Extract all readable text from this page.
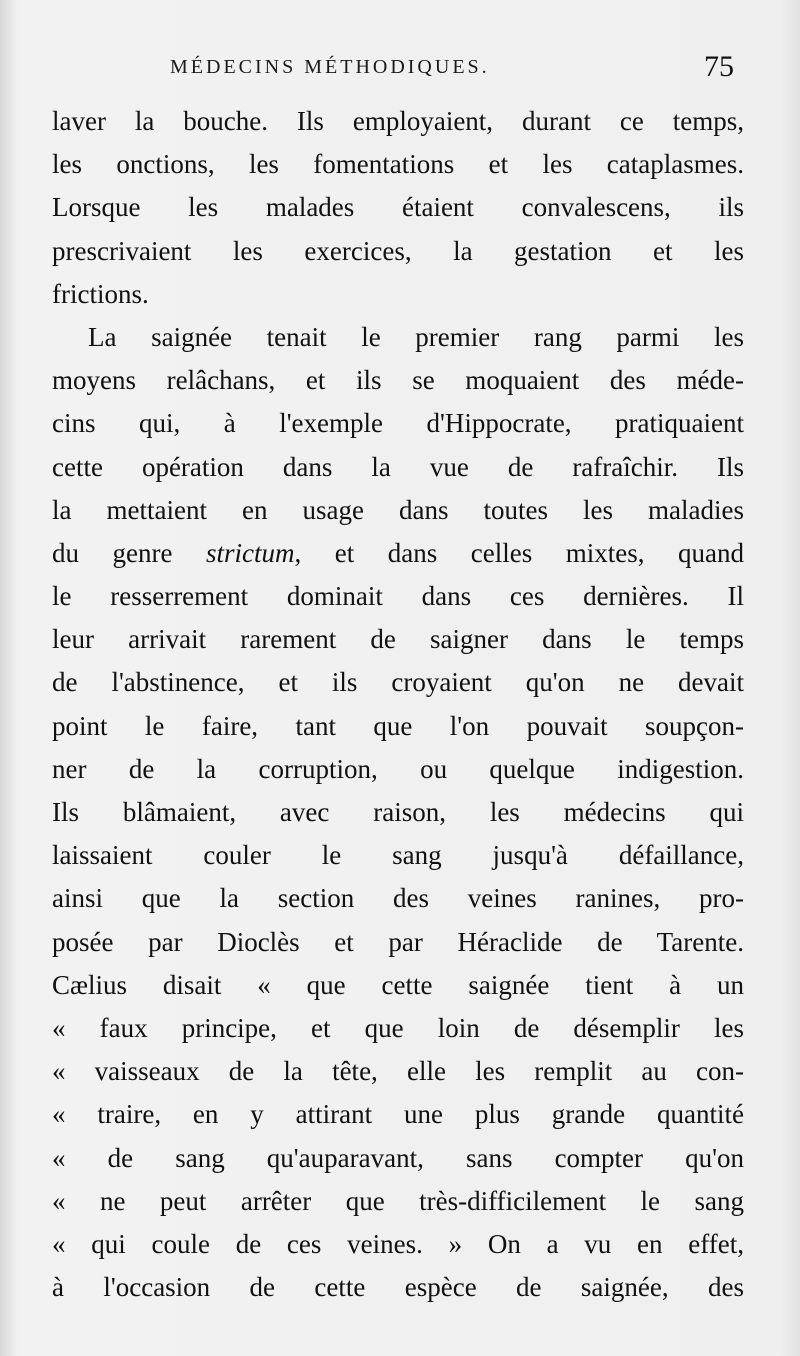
MÉDECINS MÉTHODIQUES.	75
laver la bouche. Ils employaient, durant ce temps,
les onctions, les fomentations et les cataplasmes.
Lorsque les malades étaient convalescens, ils
prescrivaient les exercices, la gestation et les
frictions.
La saignée tenait le premier rang parmi les
moyens relâchans, et ils se moquaient des méde-
cins qui, à l'exemple d'Hippocrate, pratiquaient
cette opération dans la vue de rafraîchir. Ils
la mettaient en usage dans toutes les maladies
du genre strictum, et dans celles mixtes, quand
le resserrement dominait dans ces dernières. Il
leur arrivait rarement de saigner dans le temps
de l'abstinence, et ils croyaient qu'on ne devait
point le faire, tant que l'on pouvait soupçon-
ner de la corruption, ou quelque indigestion.
Ils blâmaient, avec raison, les médecins qui
laissaient couler le sang jusqu'à défaillance,
ainsi que la section des veines ranines, pro-
posée par Dioclès et par Héraclide de Tarente.
Cælius disait « que cette saignée tient à un
« faux principe, et que loin de désemplir les
« vaisseaux de la tête, elle les remplit au con-
« traire, en y attirant une plus grande quantité
« de sang qu'auparavant, sans compter qu'on
« ne peut arrêter que très-difficilement le sang
« qui coule de ces veines. » On a vu en effet,
à l'occasion de cette espèce de saignée, des
